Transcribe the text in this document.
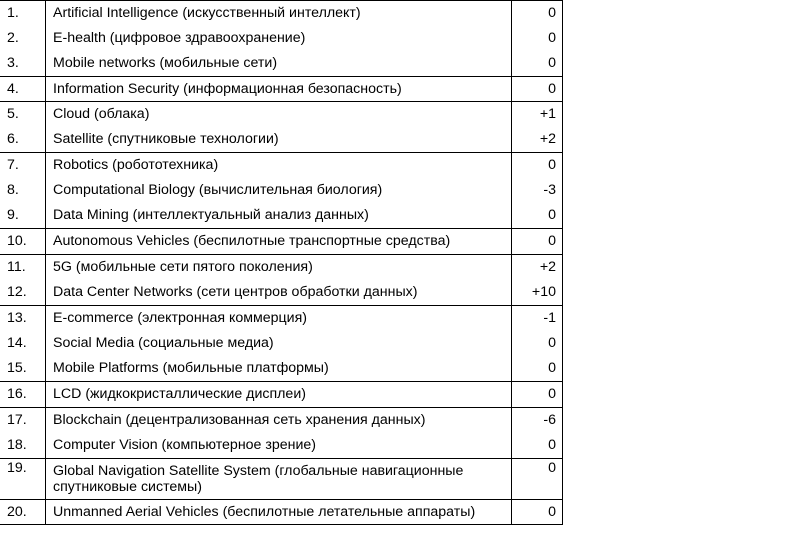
1.	Artificial Intelligence (искусственный интеллект)	0
2.	E-health (цифровое здравоохранение)	0
3.	Mobile networks (мобильные сети)	0
4.	Information Security (информационная безопасность)	0
5.	Cloud (облака)	+1
6.	Satellite (спутниковые технологии)	+2
7.	Robotics (робототехника)	0
8.	Computational Biology (вычислительная биология)	-3
9.	Data Mining (интеллектуальный анализ данных)	0
10.	Autonomous Vehicles (беспилотные транспортные средства)	0
11.	5G (мобильные сети пятого поколения)	+2
12.	Data Center Networks (сети центров обработки данных)	+10
13.	E-commerce (электронная коммерция)	-1
14.	Social Media (социальные медиа)	0
15.	Mobile Platforms (мобильные платформы)	0
16.	LCD (жидкокристаллические дисплеи)	0
17.	Blockchain (децентрализованная сеть хранения данных)	-6
18.	Computer Vision (компьютерное зрение)	0
19.	Global Navigation Satellite System (глобальные навигационные спутниковые системы)	0
20.	Unmanned Aerial Vehicles (беспилотные летательные аппараты)	0
